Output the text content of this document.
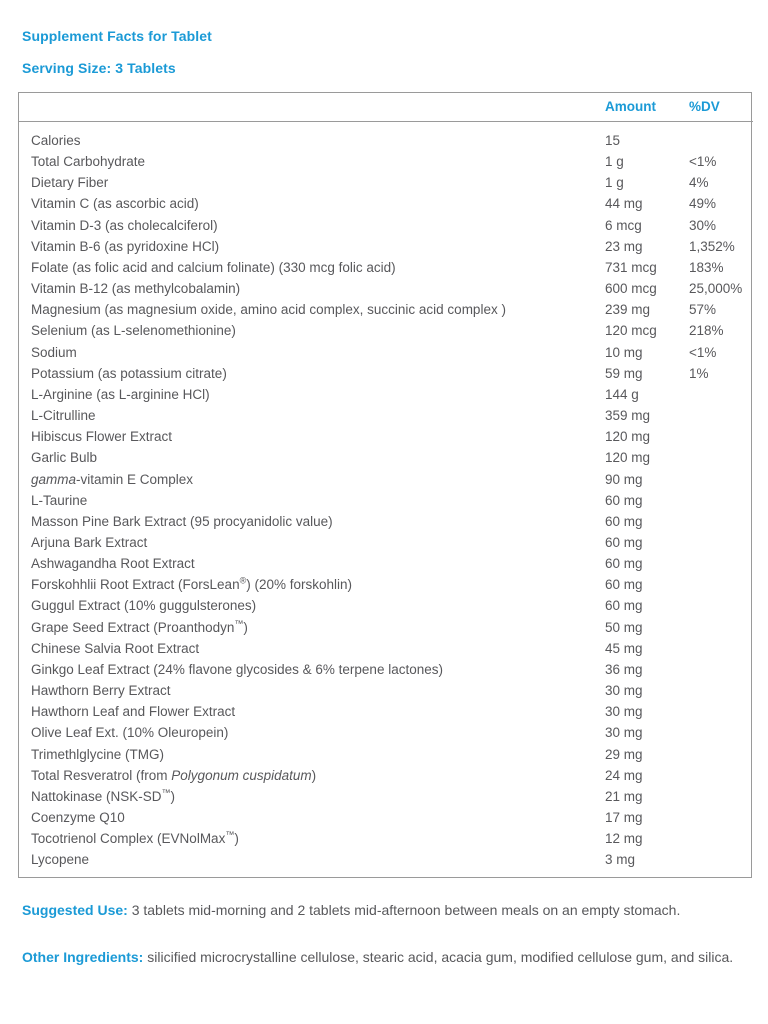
Supplement Facts for Tablet
Serving Size: 3 Tablets
	Amount	%DV
Calories	15	
Total Carbohydrate	1 g	<1%
Dietary Fiber	1 g	4%
Vitamin C (as ascorbic acid)	44 mg	49%
Vitamin D-3 (as cholecalciferol)	6 mcg	30%
Vitamin B-6 (as pyridoxine HCl)	23 mg	1,352%
Folate (as folic acid and calcium folinate) (330 mcg folic acid)	731 mcg	183%
Vitamin B-12 (as methylcobalamin)	600 mcg	25,000%
Magnesium (as magnesium oxide, amino acid complex, succinic acid complex )	239 mg	57%
Selenium (as L-selenomethionine)	120 mcg	218%
Sodium	10 mg	<1%
Potassium (as potassium citrate)	59 mg	1%
L-Arginine (as L-arginine HCl)	144 g	
L-Citrulline	359 mg	
Hibiscus Flower Extract	120 mg	
Garlic Bulb	120 mg	
gamma-vitamin E Complex	90 mg	
L-Taurine	60 mg	
Masson Pine Bark Extract (95 procyanidolic value)	60 mg	
Arjuna Bark Extract	60 mg	
Ashwagandha Root Extract	60 mg	
Forskohhlii Root Extract (ForsLean®) (20% forskohlin)	60 mg	
Guggul Extract (10% guggulsterones)	60 mg	
Grape Seed Extract (Proanthodyn™)	50 mg	
Chinese Salvia Root Extract	45 mg	
Ginkgo Leaf Extract (24% flavone glycosides & 6% terpene lactones)	36 mg	
Hawthorn Berry Extract	30 mg	
Hawthorn Leaf and Flower Extract	30 mg	
Olive Leaf Ext. (10% Oleuropein)	30 mg	
Trimethlglycine (TMG)	29 mg	
Total Resveratrol (from Polygonum cuspidatum)	24 mg	
Nattokinase (NSK-SD™)	21 mg	
Coenzyme Q10	17 mg	
Tocotrienol Complex (EVNolMax™)	12 mg	
Lycopene	3 mg	
Suggested Use: 3 tablets mid-morning and 2 tablets mid-afternoon between meals on an empty stomach.
Other Ingredients: silicified microcrystalline cellulose, stearic acid, acacia gum, modified cellulose gum, and silica.
